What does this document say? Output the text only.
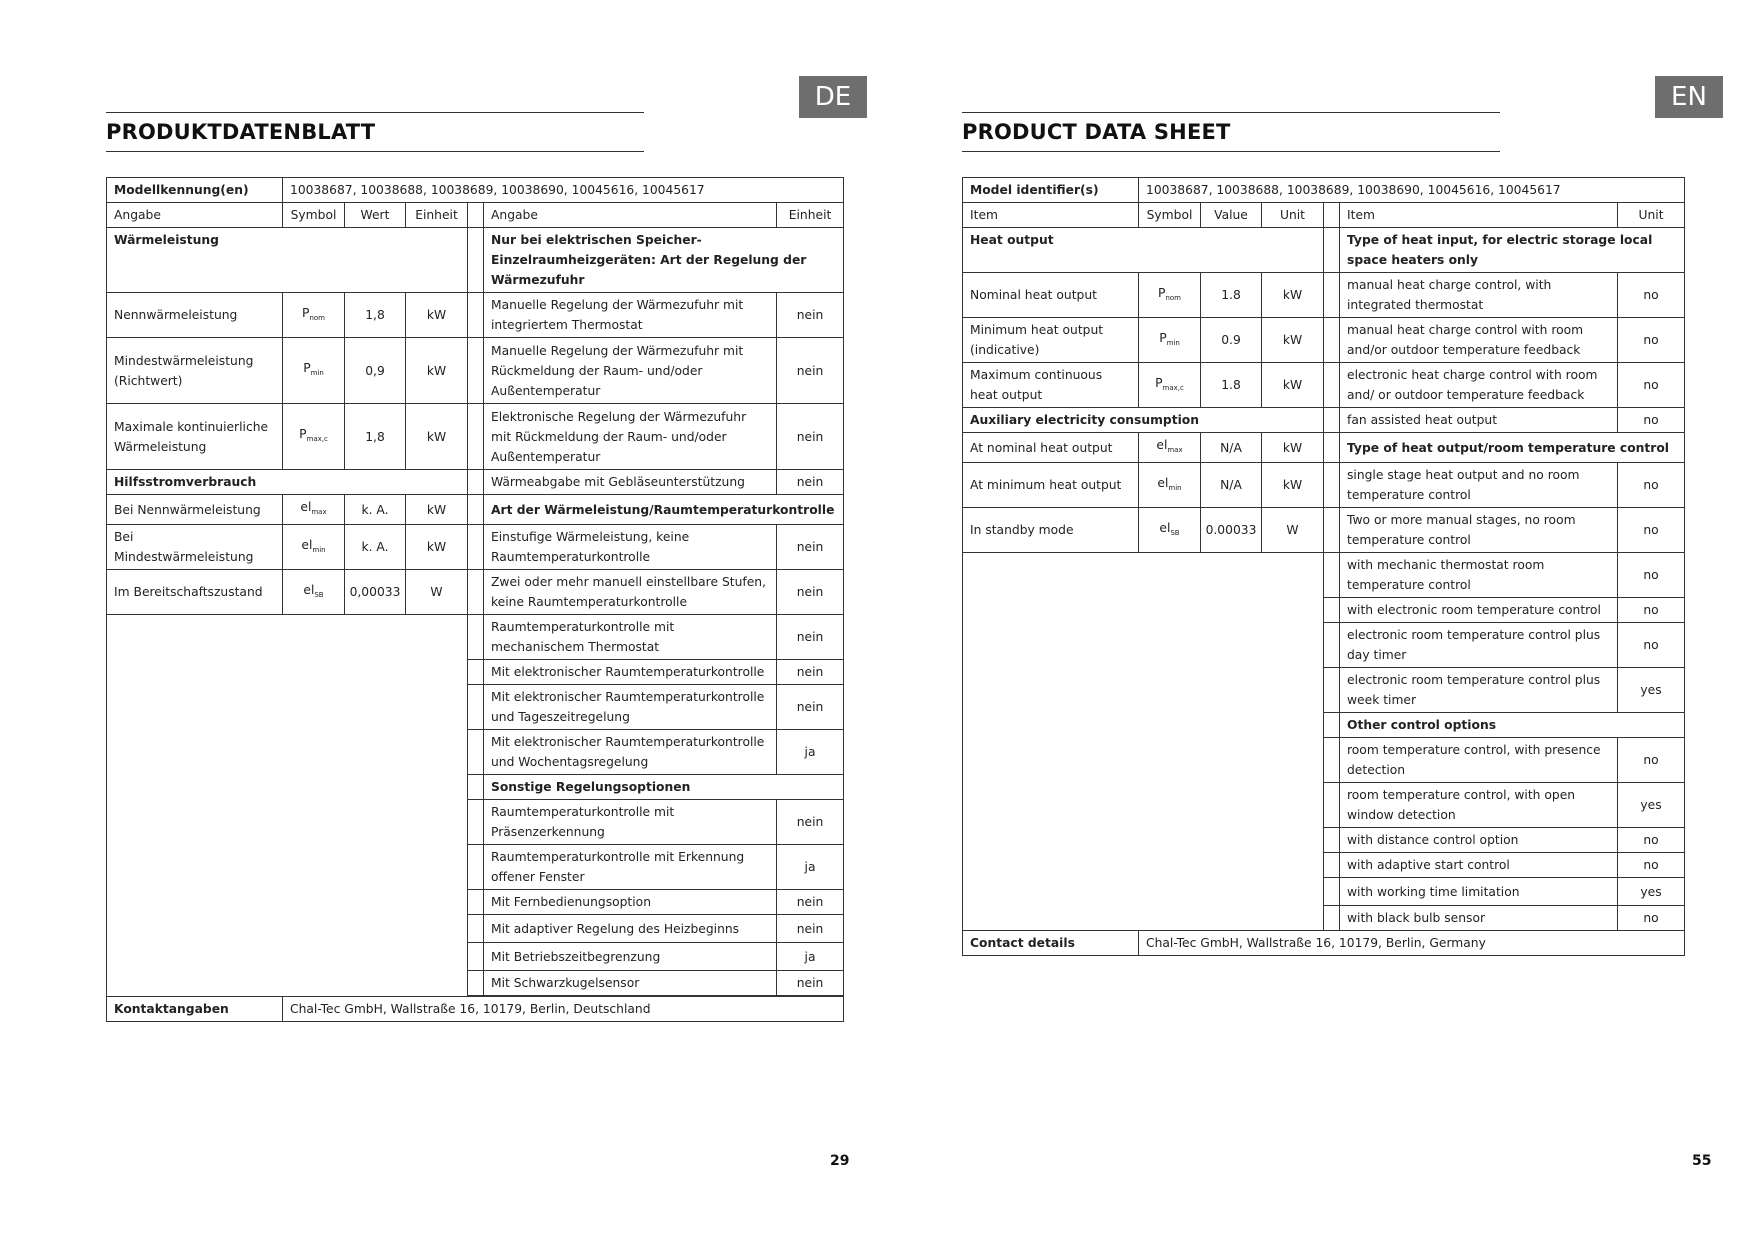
DE
PRODUKTDATENBLATT
Modellkennung(en)	10038687, 10038688, 10038689, 10038690, 10045616, 10045617					
Angabe	Symbol	Wert	Einheit		Angabe	Einheit
Wärmeleistung					Nur bei elektrischen Speicher-Einzelraumheizgeräten: Art der Regelung der Wärmezufuhr	
Nennwärmeleistung	$P_{nom}$	1,8	kW		Manuelle Regelung der Wärmezufuhr mit integriertem Thermostat	nein
Mindestwärmeleistung (Richtwert)	$P_{min}$	0,9	kW		Manuelle Regelung der Wärmezufuhr mit Rückmeldung der Raum- und/oder Außentemperatur	nein
Maximale kontinuierliche Wärmeleistung	$P_{max,c}$	1,8	kW		Elektronische Regelung der Wärmezufuhr mit Rückmeldung der Raum- und/oder Außentemperatur	nein
Hilfsstromverbrauch					Wärmeabgabe mit Gebläseunterstützung	nein
Bei Nennwärmeleistung	$el_{max}$	k. A.	kW		Art der Wärmeleistung/Raumtemperaturkontrolle	
Bei Mindestwärmeleistung	$el_{min}$	k. A.	kW		Einstufige Wärmeleistung, keine Raumtemperaturkontrolle	nein
Im Bereitschaftszustand	$el_{SB}$	0,00033	W		Zwei oder mehr manuell einstellbare Stufen, keine Raumtemperaturkontrolle	nein
					Raumtemperaturkontrolle mit mechanischem Thermostat	nein
					Mit elektronischer Raumtemperaturkontrolle	nein
					Mit elektronischer Raumtemperaturkontrolle und Tageszeitregelung	nein
					Mit elektronischer Raumtemperaturkontrolle und Wochentagsregelung	ja
					Sonstige Regelungsoptionen	
					Raumtemperaturkontrolle mit Präsenzerkennung	nein
					Raumtemperaturkontrolle mit Erkennung offener Fenster	ja
					Mit Fernbedienungsoption	nein
					Mit adaptiver Regelung des Heizbeginns	nein
					Mit Betriebszeitbegrenzung	ja
					Mit Schwarzkugelsensor	nein

Kontaktangaben	Chal-Tec GmbH, Wallstraße 16, 10179, Berlin, Deutschland					
29
EN
PRODUCT DATA SHEET
Model identifier(s)	10038687, 10038688, 10038689, 10038690, 10045616, 10045617					
Item	Symbol	Value	Unit		Item	Unit
Heat output					Type of heat input, for electric storage local space heaters only	
Nominal heat output	$P_{nom}$	1.8	kW		manual heat charge control, with integrated thermostat	no
Minimum heat output (indicative)	$P_{min}$	0.9	kW		manual heat charge control with room and/or outdoor temperature feedback	no
Maximum continuous heat output	$P_{max,c}$	1.8	kW		electronic heat charge control with room and/ or outdoor temperature feedback	no
Auxiliary electricity consumption					fan assisted heat output	no
At nominal heat output	$el_{max}$	N/A	kW		Type of heat output/room temperature control	
At minimum heat output	$el_{min}$	N/A	kW		single stage heat output and no room temperature control	no
In standby mode	$el_{SB}$	0.00033	W		Two or more manual stages, no room temperature control	no
					with mechanic thermostat room temperature control	no
					with electronic room temperature control	no
					electronic room temperature control plus day timer	no
					electronic room temperature control plus week timer	yes
					Other control options	
					room temperature control, with presence detection	no
					room temperature control, with open window detection	yes
					with distance control option	no
					with adaptive start control	no
					with working time limitation	yes
					with black bulb sensor	no
Contact details	Chal-Tec GmbH, Wallstraße 16, 10179, Berlin, Germany					
55
